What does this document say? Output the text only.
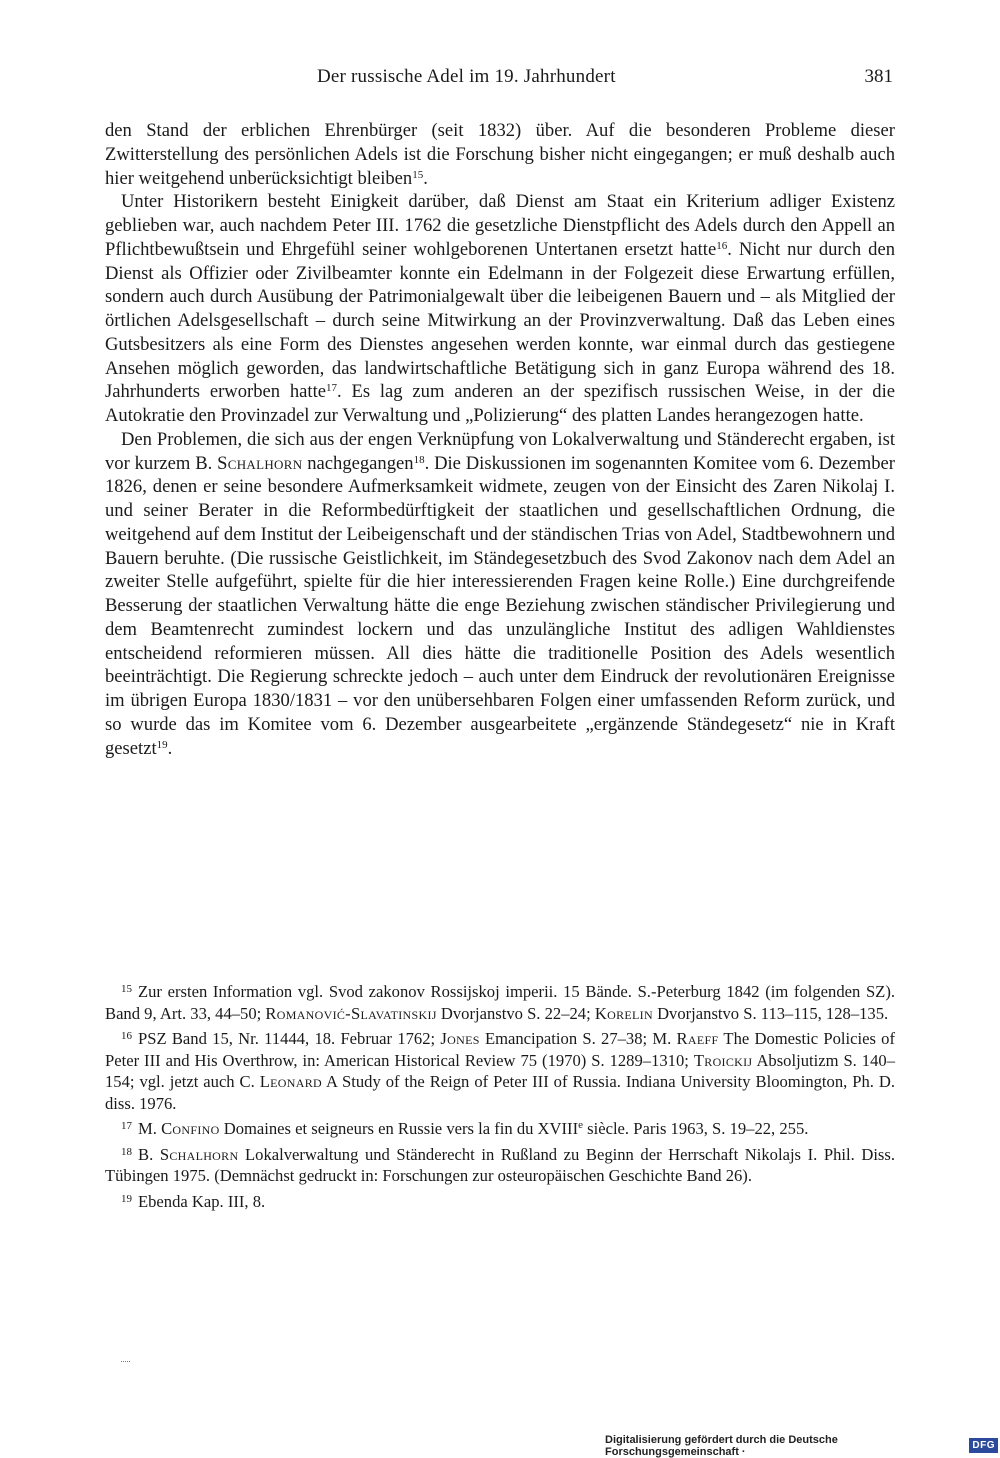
Der russische Adel im 19. Jahrhundert	381

den Stand der erblichen Ehrenbürger (seit 1832) über. Auf die besonderen Probleme dieser Zwitterstellung des persönlichen Adels ist die Forschung bisher nicht eingegangen; er muß deshalb auch hier weitgehend unberücksichtigt bleiben$^{15}$.

Unter Historikern besteht Einigkeit darüber, daß Dienst am Staat ein Kriterium adliger Existenz geblieben war, auch nachdem Peter III. 1762 die gesetzliche Dienstpflicht des Adels durch den Appell an Pflichtbewußtsein und Ehrgefühl seiner wohlgeborenen Untertanen ersetzt hatte$^{16}$. Nicht nur durch den Dienst als Offizier oder Zivilbeamter konnte ein Edelmann in der Folgezeit diese Erwartung erfüllen, sondern auch durch Ausübung der Patrimonialgewalt über die leibeigenen Bauern und – als Mitglied der örtlichen Adelsgesellschaft – durch seine Mitwirkung an der Provinzverwaltung. Daß das Leben eines Gutsbesitzers als eine Form des Dienstes angesehen werden konnte, war einmal durch das gestiegene Ansehen möglich geworden, das landwirtschaftliche Betätigung sich in ganz Europa während des 18. Jahrhunderts erworben hatte$^{17}$. Es lag zum anderen an der spezifisch russischen Weise, in der die Autokratie den Provinzadel zur Verwaltung und „Polizierung“ des platten Landes herangezogen hatte.

Den Problemen, die sich aus der engen Verknüpfung von Lokalverwaltung und Ständerecht ergaben, ist vor kurzem B. Schalhorn nachgegangen$^{18}$. Die Diskussionen im sogenannten Komitee vom 6. Dezember 1826, denen er seine besondere Aufmerksamkeit widmete, zeugen von der Einsicht des Zaren Nikolaj I. und seiner Berater in die Reformbedürftigkeit der staatlichen und gesellschaftlichen Ordnung, die weitgehend auf dem Institut der Leibeigenschaft und der ständischen Trias von Adel, Stadtbewohnern und Bauern beruhte. (Die russische Geistlichkeit, im Ständegesetzbuch des Svod Zakonov nach dem Adel an zweiter Stelle aufgeführt, spielte für die hier interessierenden Fragen keine Rolle.) Eine durchgreifende Besserung der staatlichen Verwaltung hätte die enge Beziehung zwischen ständischer Privilegierung und dem Beamtenrecht zumindest lockern und das unzulängliche Institut des adligen Wahldienstes entscheidend reformieren müssen. All dies hätte die traditionelle Position des Adels wesentlich beeinträchtigt. Die Regierung schreckte jedoch – auch unter dem Eindruck der revolutionären Ereignisse im übrigen Europa 1830/1831 – vor den unübersehbaren Folgen einer umfassenden Reform zurück, und so wurde das im Komitee vom 6. Dezember ausgearbeitete „ergänzende Ständegesetz“ nie in Kraft gesetzt$^{19}$.

$^{15}$ Zur ersten Information vgl. Svod zakonov Rossijskoj imperii. 15 Bände. S.-Peterburg 1842 (im folgenden SZ). Band 9, Art. 33, 44–50; Romanović-Slavatinskij Dvorjanstvo S. 22–24; Korelin Dvorjanstvo S. 113–115, 128–135.

$^{16}$ PSZ Band 15, Nr. 11444, 18. Februar 1762; Jones Emancipation S. 27–38; M. Raeff The Domestic Policies of Peter III and His Overthrow, in: American Historical Review 75 (1970) S. 1289–1310; Troickij Absoljutizm S. 140–154; vgl. jetzt auch C. Leonard A Study of the Reign of Peter III of Russia. Indiana University Bloomington, Ph. D. diss. 1976.

$^{17}$ M. Confino Domaines et seigneurs en Russie vers la fin du XVIIIe siècle. Paris 1963, S. 19–22, 255.

$^{18}$ B. Schalhorn Lokalverwaltung und Ständerecht in Rußland zu Beginn der Herrschaft Nikolajs I. Phil. Diss. Tübingen 1975. (Demnächst gedruckt in: Forschungen zur osteuropäischen Geschichte Band 26).

$^{19}$ Ebenda Kap. III, 8.

Digitalisierung gefördert durch die Deutsche Forschungsgemeinschaft ·	DFG
